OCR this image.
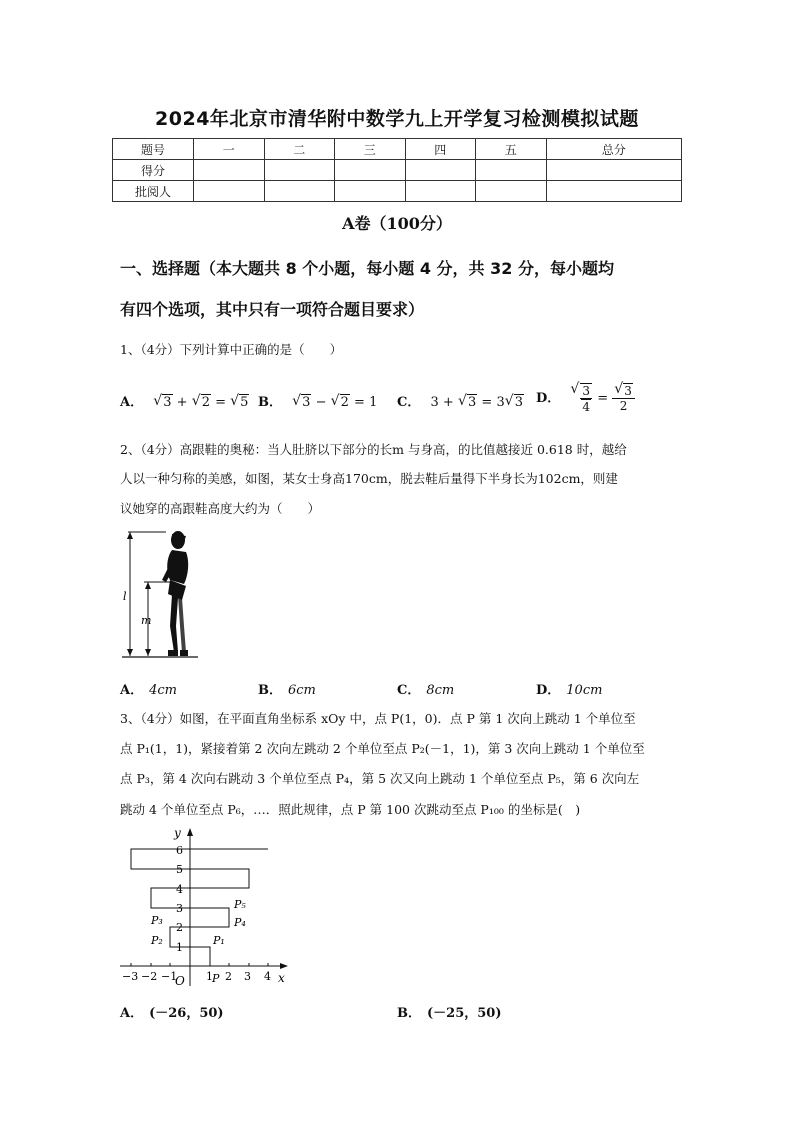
2024年北京市清华附中数学九上开学复习检测模拟试题
题号	一	二	三	四	五	总分
得分						
批阅人						
A卷（100分）
一、选择题（本大题共 8 个小题，每小题 4 分，共 32 分，每小题均
有四个选项，其中只有一项符合题目要求）
1、（4分）下列计算中正确的是（　　）
A． √ 3 + √ 2 = √ 5 B． √ 3 − √ 2 = 1 C． 3 + √ 3 = 3 √ 3 D． √ $\frac{3}{4}$ = √ $\frac{3}{2}$
2、（4分）高跟鞋的奥秘：当人肚脐以下部分的长m 与身高，的比值越接近 0.618 时，越给
人以一种匀称的美感，如图，某女士身高170cm，脱去鞋后量得下半身长为102cm，则建
议她穿的高跟鞋高度大约为（　　）
l
m
A． 4cm	B． 6cm	C． 8cm	D． 10cm
3、（4分）如图，在平面直角坐标系 xOy 中，点 P(1，0)．点 P 第 1 次向上跳动 1 个单位至
点 P₁(1，1)，紧接着第 2 次向左跳动 2 个单位至点 P₂(－1，1)，第 3 次向上跳动 1 个单位至
点 P₃，第 4 次向右跳动 3 个单位至点 P₄，第 5 次又向上跳动 1 个单位至点 P₅，第 6 次向左
跳动 4 个单位至点 P₆，…．照此规律，点 P 第 100 次跳动至点 P₁₀₀ 的坐标是(　)
x
y
O
−3 −2 −1	1 2 3 4
1
2
3
4
5
6
P
P₁
P₂
P₃	P₄
P₅
A． (－26，50)	B． (－25，50)
